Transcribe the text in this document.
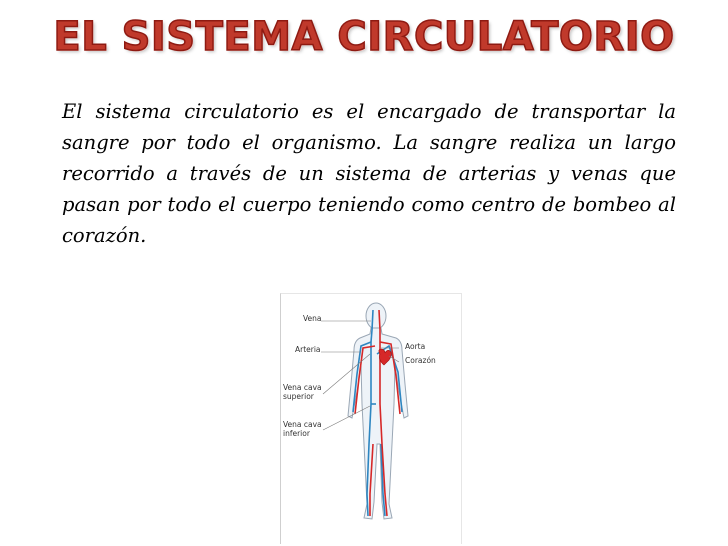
EL SISTEMA CIRCULATORIO
El sistema circulatorio es el encargado de transportar la sangre por todo el organismo. La sangre realiza un largo recorrido a través de un sistema de arterias y venas que pasan por todo el cuerpo teniendo como centro de bombeo al corazón.
Vena
Arteria	Aorta
Corazón
Vena cava
superior
Vena cava
inferior
